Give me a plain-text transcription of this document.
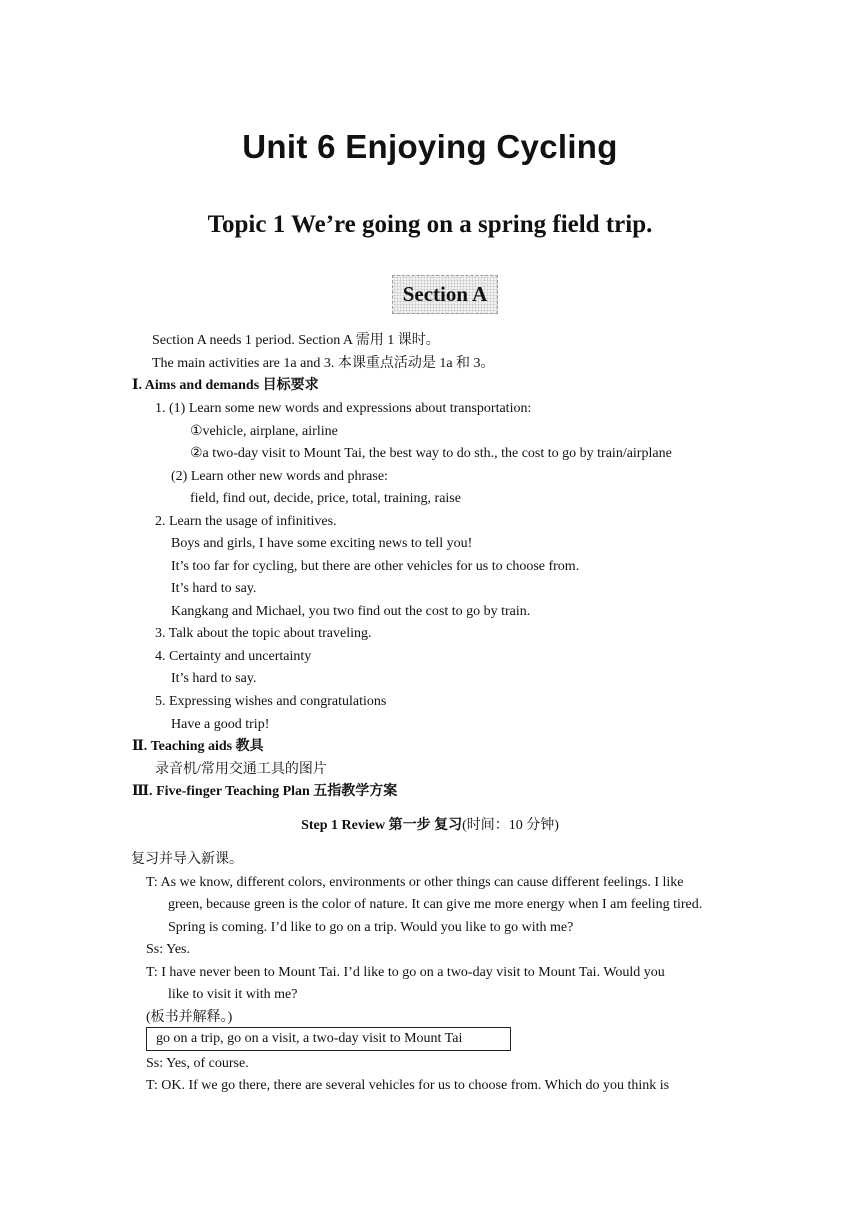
Unit 6 Enjoying Cycling
Topic 1 We’re going on a spring field trip.
Section A
Section A needs 1 period. Section A 需用 1 课时。
The main activities are 1a and 3. 本课重点活动是 1a 和 3。
Ⅰ. Aims and demands 目标要求
1. (1) Learn some new words and expressions about transportation:
①vehicle, airplane, airline
②a two-day visit to Mount Tai, the best way to do sth., the cost to go by train/airplane
(2) Learn other new words and phrase:
field, find out, decide, price, total, training, raise
2. Learn the usage of infinitives.
Boys and girls, I have some exciting news to tell you!
It’s too far for cycling, but there are other vehicles for us to choose from.
It’s hard to say.
Kangkang and Michael, you two find out the cost to go by train.
3. Talk about the topic about traveling.
4. Certainty and uncertainty
It’s hard to say.
5. Expressing wishes and congratulations
Have a good trip!
Ⅱ. Teaching aids 教具
录音机/常用交通工具的图片
Ⅲ. Five-finger Teaching Plan 五指教学方案
Step 1 Review 第一步 复习(时间：10 分钟)
复习并导入新课。
T: As we know, different colors, environments or other things can cause different feelings. I like
green, because green is the color of nature. It can give me more energy when I am feeling tired.
Spring is coming. I’d like to go on a trip. Would you like to go with me?
Ss: Yes.
T: I have never been to Mount Tai. I’d like to go on a two-day visit to Mount Tai. Would you
like to visit it with me?
(板书并解释。)
go on a trip, go on a visit, a two-day visit to Mount Tai
Ss: Yes, of course.
T: OK. If we go there, there are several vehicles for us to choose from. Which do you think is
